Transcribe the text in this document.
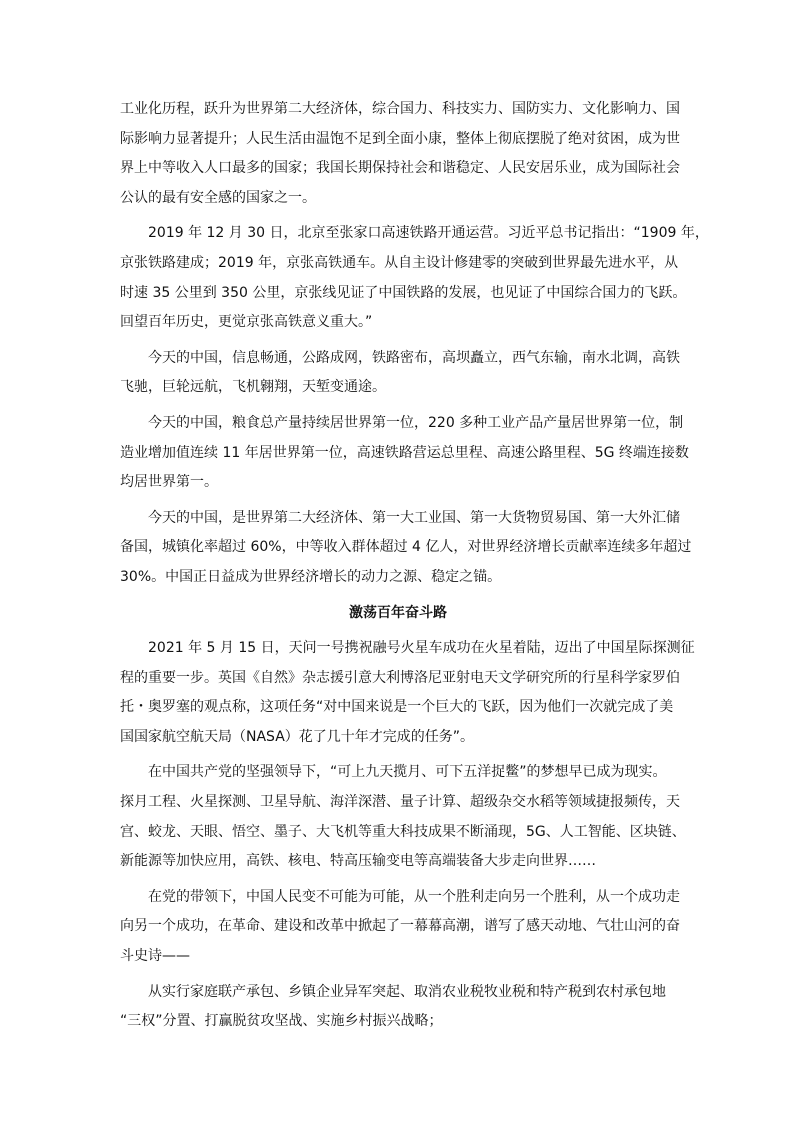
工业化历程，跃升为世界第二大经济体，综合国力、科技实力、国防实力、文化影响力、国
际影响力显著提升；人民生活由温饱不足到全面小康，整体上彻底摆脱了绝对贫困，成为世
界上中等收入人口最多的国家；我国长期保持社会和谐稳定、人民安居乐业，成为国际社会
公认的最有安全感的国家之一。
2019 年 12 月 30 日，北京至张家口高速铁路开通运营。习近平总书记指出：“1909 年，
京张铁路建成；2019 年，京张高铁通车。从自主设计修建零的突破到世界最先进水平，从
时速 35 公里到 350 公里，京张线见证了中国铁路的发展，也见证了中国综合国力的飞跃。
回望百年历史，更觉京张高铁意义重大。”
今天的中国，信息畅通，公路成网，铁路密布，高坝矗立，西气东输，南水北调，高铁
飞驰，巨轮远航，飞机翱翔，天堑变通途。
今天的中国，粮食总产量持续居世界第一位，220 多种工业产品产量居世界第一位，制
造业增加值连续 11 年居世界第一位，高速铁路营运总里程、高速公路里程、5G 终端连接数
均居世界第一。
今天的中国，是世界第二大经济体、第一大工业国、第一大货物贸易国、第一大外汇储
备国，城镇化率超过 60%，中等收入群体超过 4 亿人，对世界经济增长贡献率连续多年超过
30%。中国正日益成为世界经济增长的动力之源、稳定之锚。
激荡百年奋斗路
2021 年 5 月 15 日，天问一号携祝融号火星车成功在火星着陆，迈出了中国星际探测征
程的重要一步。英国《自然》杂志援引意大利博洛尼亚射电天文学研究所的行星科学家罗伯
托・奥罗塞的观点称，这项任务“对中国来说是一个巨大的飞跃，因为他们一次就完成了美
国国家航空航天局（NASA）花了几十年才完成的任务”。
在中国共产党的坚强领导下，“可上九天揽月、可下五洋捉鳖”的梦想早已成为现实。
探月工程、火星探测、卫星导航、海洋深潜、量子计算、超级杂交水稻等领域捷报频传，天
宫、蛟龙、天眼、悟空、墨子、大飞机等重大科技成果不断涌现，5G、人工智能、区块链、
新能源等加快应用，高铁、核电、特高压输变电等高端装备大步走向世界……
在党的带领下，中国人民变不可能为可能，从一个胜利走向另一个胜利，从一个成功走
向另一个成功，在革命、建设和改革中掀起了一幕幕高潮，谱写了感天动地、气壮山河的奋
斗史诗——
从实行家庭联产承包、乡镇企业异军突起、取消农业税牧业税和特产税到农村承包地
“三权”分置、打赢脱贫攻坚战、实施乡村振兴战略；
